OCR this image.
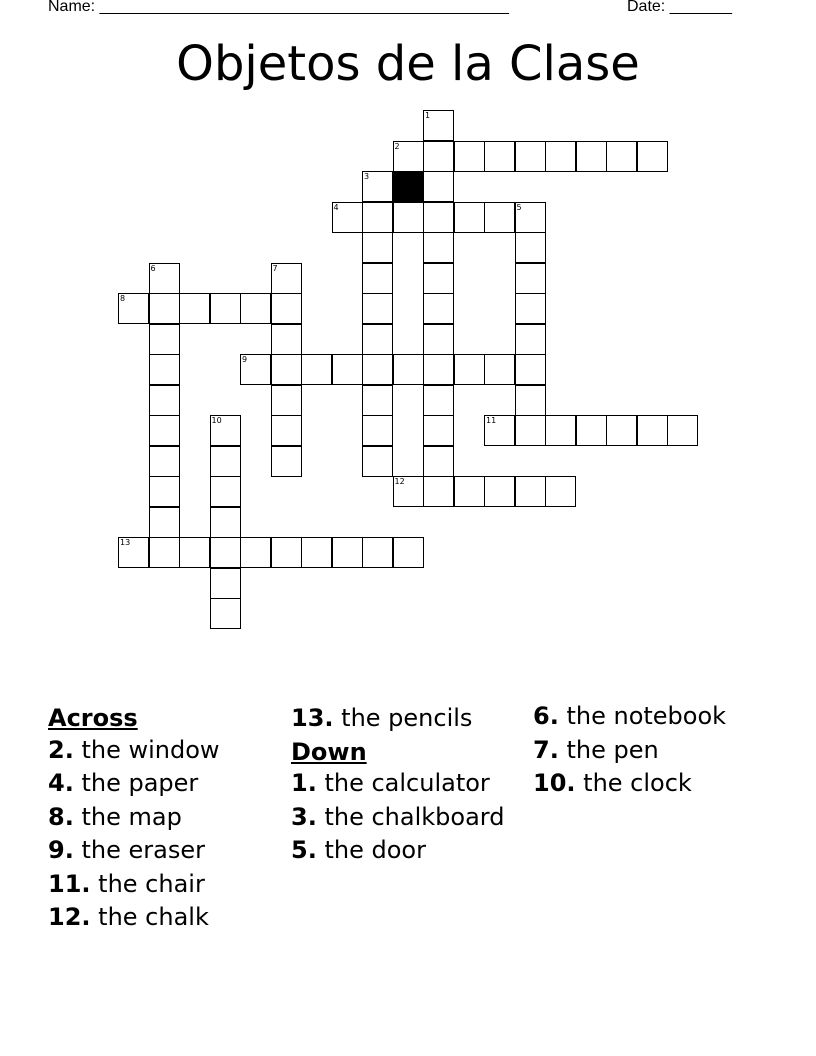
Name: ______________________________________________	Date: _______
Objetos de la Clase
1
2
3
4	5
6	7
8
9
10	11
12
13
Across
2. the window
4. the paper
8. the map
9. the eraser
11. the chair
12. the chalk
13. the pencils
Down
1. the calculator
3. the chalkboard
5. the door
6. the notebook
7. the pen
10. the clock
